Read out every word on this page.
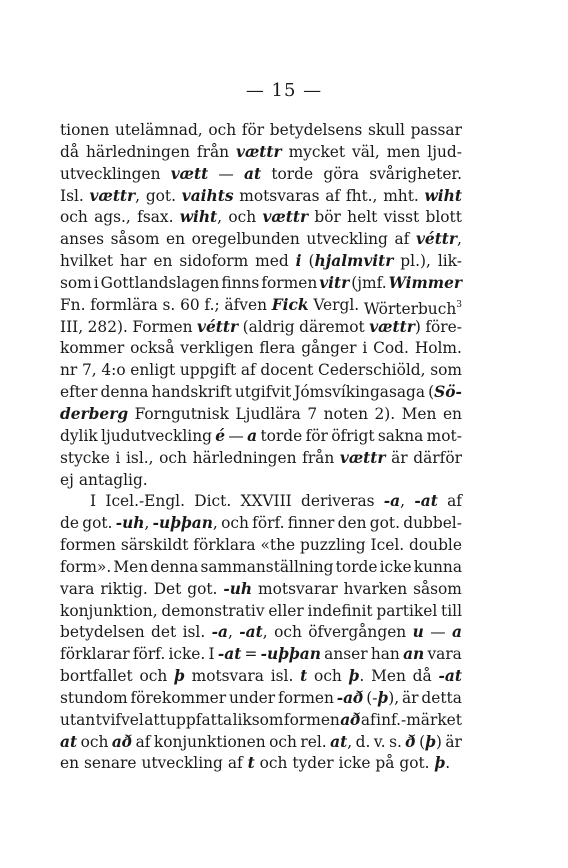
— 15 —
tionen utelämnad, och för betydelsens skull passar
då härledningen från vættr mycket väl, men ljud-
utvecklingen vætt — at torde göra svårigheter.
Isl. vættr, got. vaihts motsvaras af fht., mht. wiht
och ags., fsax. wiht, och vættr bör helt visst blott
anses såsom en oregelbunden utveckling af véttr,
hvilket har en sidoform med i (hjalmvitr pl.), lik-
som i Gottlandslagen finns formen vitr (jmf. Wimmer
Fn. formlära s. 60 f.; äfven Fick Vergl. Wörterbuch$^3$
III, 282). Formen véttr (aldrig däremot vættr) före-
kommer också verkligen flera gånger i Cod. Holm.
nr 7, 4:o enligt uppgift af docent Cederschiöld, som
efter denna handskrift utgifvit Jómsvíkingasaga (Sö-
derberg Forngutnisk Ljudlära 7 noten 2). Men en
dylik ljudutveckling é — a torde för öfrigt sakna mot-
stycke i isl., och härledningen från vættr är därför
ej antaglig.
I Icel.-Engl. Dict. XXVIII deriveras -a, -at af
de got. -uh, -uþþan, och förf. finner den got. dubbel-
formen särskildt förklara «the puzzling Icel. double
form». Men denna sammanställning torde icke kunna
vara riktig. Det got. -uh motsvarar hvarken såsom
konjunktion, demonstrativ eller indefinit partikel till
betydelsen det isl. -a, -at, och öfvergången u — a
förklarar förf. icke. I -at = -uþþan anser han an vara
bortfallet och þ motsvara isl. t och þ. Men då -at
stundom förekommer under formen -að (-þ), är detta
utan tvifvel att uppfatta liksom formen að af inf.-märket
at och að af konjunktionen och rel. at, d. v. s. ð (þ) är
en senare utveckling af t och tyder icke på got. þ.
